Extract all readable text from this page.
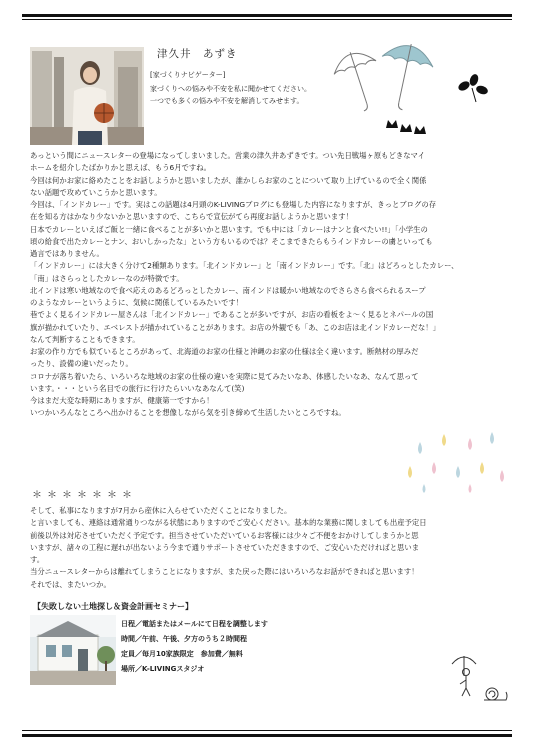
津久井　あずき
[家づくりナビゲーター]
家づくりへの悩みや不安を私に聞かせてください。
一つでも多くの悩みや不安を解消してみせます。

あっという間にニュースレターの登場になってしまいました。営業の津久井あずきです。つい先日戦場ヶ原もどきなマイ

ホームを紹介したばかりかと思えば、もう6月ですね。

今回は何かお家に絡めたことをお話しようかと思いましたが、誰かしらお家のことについて取り上げているので全く関係

ない話題で攻めていこうかと思います。

今回は、「インドカレー」です。実はこの話題は4月頭のK-LIVINGブログにも登場した内容になりますが、きっとブログの存

在を知る方はかなり少ないかと思いますので、こちらで宣伝がてら再度お話しようかと思います！

日本でカレーといえばご飯と一緒に食べることが多いかと思います。でも中には「カレーはナンと食べたい!!」「小学生の

頃の給食で出たカレーとナン、おいしかったな」という方もいるのでは？そこまできたらもうインドカレーの虜といっても

過言ではありません。

「インドカレー」には大きく分けて2種類あります。「北インドカレー」と「南インドカレー」です。「北」はどろっとしたカレー、

「南」はさらっとしたカレーなのが特徴です。

北インドは寒い地域なので食べ応えのあるどろっとしたカレー、南インドは暖かい地域なのでさらさら食べられるスープ

のようなカレーというように、気候に関係しているみたいです！

巷でよく見るインドカレー屋さんは「北インドカレー」であることが多いですが、お店の看板をよ～く見るとネパールの国

旗が描かれていたり、エベレストが描かれていることがあります。お店の外観でも「あ、このお店は北インドカレーだな！」

なんて判断することもできます。

お家の作り方でも似ているところがあって、北海道のお家の仕様と沖縄のお家の仕様は全く違います。断熱材の厚みだ

ったり、設備の違いだったり。

コロナが落ち着いたら、いろいろな地域のお家の仕様の違いを実際に見てみたいなあ、体感したいなあ、なんて思って

います。・・・という名目での旅行に行けたらいいなあなんて(笑)

今はまだ大変な時期にありますが、健康第一ですから！

いつかいろんなところへ出かけることを想像しながら気を引き締めて生活したいところですね。

＊＊＊＊＊＊＊

そして、私事になりますが7月から産休に入らせていただくことになりました。

と言いましても、連絡は通常通りつながる状態にありますのでご安心ください。基本的な業務に関しましても出産予定日

前後以外は対応させていただく予定です。担当させていただいているお客様には少々ご不便をおかけしてしまうかと思

いますが、諸々の工程に遅れが出ないよう今まで通りサポートさせていただきますので、ご安心いただければと思いま

す。

当分ニュースレターからは離れてしまうことになりますが、また戻った際にはいろいろなお話ができればと思います！

それでは、またいつか。

【失敗しない土地探し＆資金計画セミナー】
日程／電話またはメールにて日程を調整します
時間／午前、午後、夕方のうち２時間程
定員／毎月10家族限定　参加費／無料
場所／K-LIVINGスタジオ
